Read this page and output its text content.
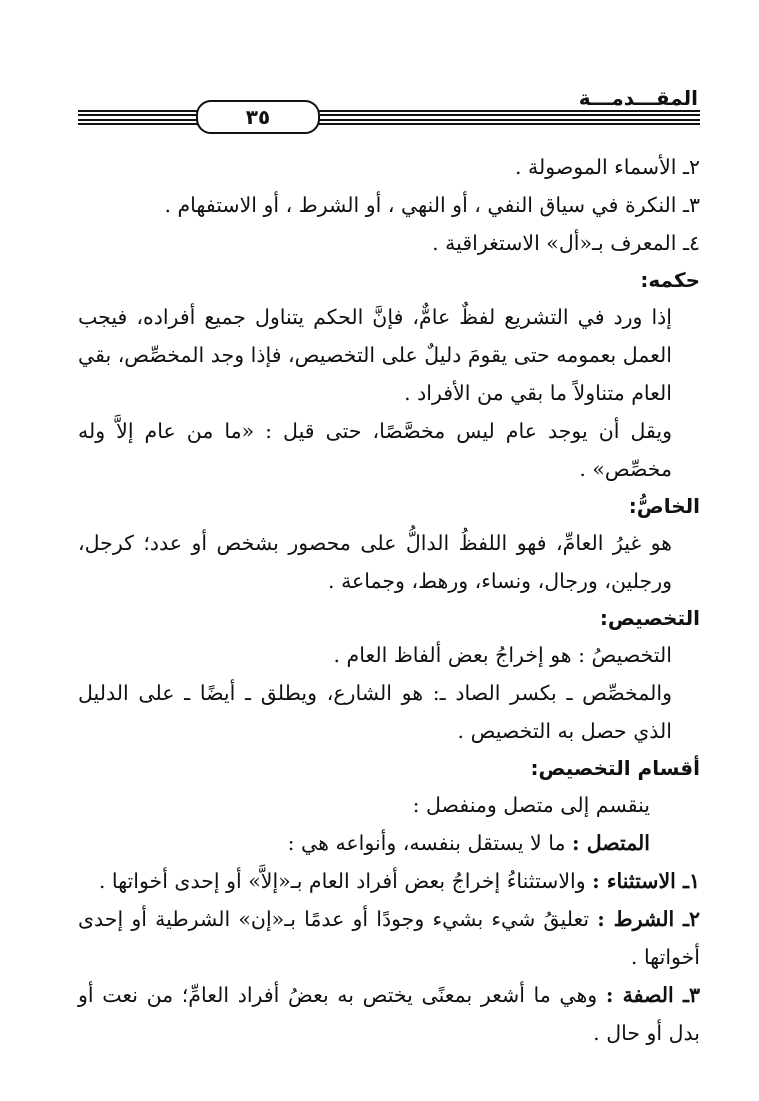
المقـــدمـــة
٣٥

٢ـ الأسماء الموصولة .

٣ـ النكرة في سياق النفي ، أو النهي ، أو الشرط ، أو الاستفهام .

٤ـ المعرف بـ«أل» الاستغراقية .

حكمه:

إذا ورد في التشريع لفظٌ عامٌّ، فإنَّ الحكم يتناول جميع أفراده، فيجب العمل بعمومه حتى يقومَ دليلٌ على التخصيص، فإذا وجد المخصِّص، بقي العام متناولاً ما بقي من الأفراد .

ويقل أن يوجد عام ليس مخصَّصًا، حتى قيل : «ما من عام إلاَّ وله مخصِّص» .

الخاصُّ:

هو غيرُ العامِّ، فهو اللفظُ الدالُّ على محصور بشخص أو عدد؛ كرجل، ورجلين، ورجال، ونساء، ورهط، وجماعة .

التخصيص:

التخصيصُ : هو إخراجُ بعض ألفاظ العام .

والمخصِّص ـ بكسر الصاد ـ: هو الشارع، ويطلق ـ أيضًا ـ على الدليل الذي حصل به التخصيص .

أقسام التخصيص:

ينقسم إلى متصل ومنفصل :

المتصل : ما لا يستقل بنفسه، وأنواعه هي :

١ـ الاستثناء : والاستثناءُ إخراجُ بعض أفراد العام بـ«إلاَّ» أو إحدى أخواتها .

٢ـ الشرط : تعليقُ شيء بشيء وجودًا أو عدمًا بـ«إن» الشرطية أو إحدى أخواتها .

٣ـ الصفة : وهي ما أشعر بمعنًى يختص به بعضُ أفراد العامِّ؛ من نعت أو بدل أو حال .
